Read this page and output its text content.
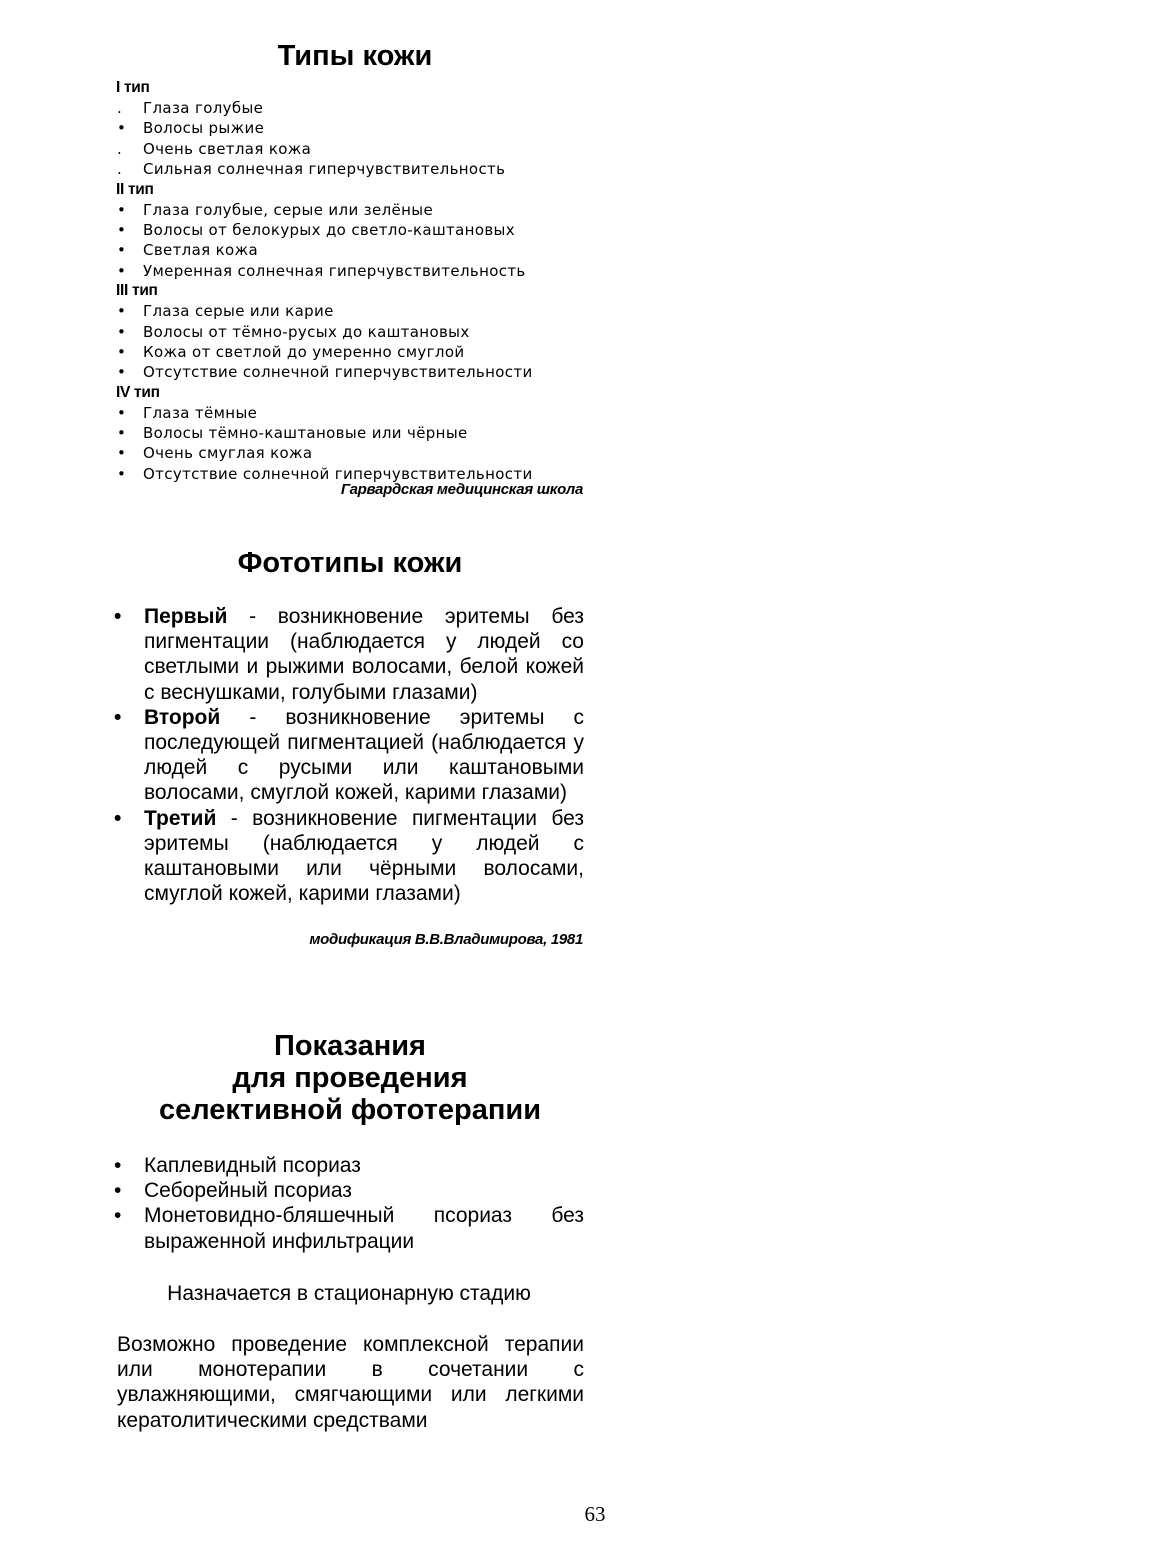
Типы кожи
I тип
.	Глаза голубые
•	Волосы рыжие
.	Очень светлая кожа
.	Сильная солнечная гиперчувствительность
II тип
•	Глаза голубые, серые или зелёные
•	Волосы от белокурых до светло-каштановых
•	Светлая кожа
•	Умеренная солнечная гиперчувствительность
III тип
•	Глаза серые или карие
•	Волосы от тёмно-русых до каштановых
•	Кожа от светлой до умеренно смуглой
•	Отсутствие солнечной гиперчувствительности
IV тип
•	Глаза тёмные
•	Волосы тёмно-каштановые или чёрные
•	Очень смуглая кожа
•	Отсутствие солнечной гиперчувствительности
Гарвардская медицинская школа
Фототипы кожи
•	Первый - возникновение эритемы без пигментации (наблюдается у людей со светлыми и рыжими волосами, белой кожей с веснушками, голубыми глазами)
•	Второй - возникновение эритемы с последующей пигментацией (наблюдается у людей с русыми или каштановыми волосами, смуглой кожей, карими глазами)
•	Третий - возникновение пигментации без эритемы (наблюдается у людей с каштановыми или чёрными волосами, смуглой кожей, карими глазами)
модификация В.В.Владимирова, 1981
Показания
для проведения
селективной фототерапии
•	Каплевидный псориаз
•	Себорейный псориаз
•	Монетовидно-бляшечный псориаз без выраженной инфильтрации
Назначается в стационарную стадию

Возможно проведение комплексной терапии или монотерапии в сочетании с увлажняющими, смягчающими или легкими кератолитическими средствами

63
